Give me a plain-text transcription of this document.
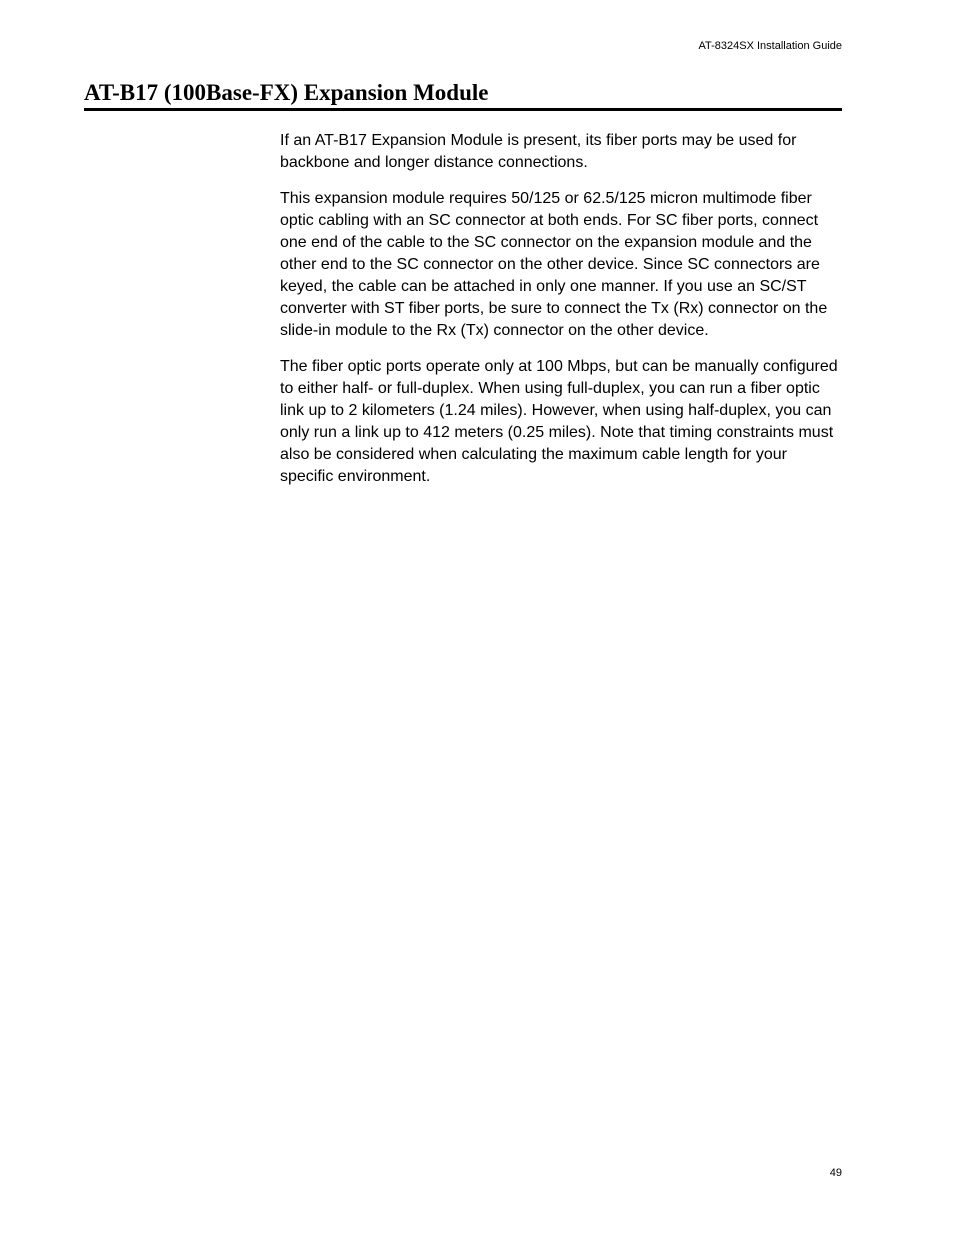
AT-8324SX Installation Guide
AT-B17 (100Base-FX) Expansion Module

If an AT-B17 Expansion Module is present, its fiber ports may be used for backbone and longer distance connections.

This expansion module requires 50/125 or 62.5/125 micron multimode fiber optic cabling with an SC connector at both ends. For SC fiber ports, connect one end of the cable to the SC connector on the expansion module and the other end to the SC connector on the other device. Since SC connectors are keyed, the cable can be attached in only one manner. If you use an SC/ST converter with ST fiber ports, be sure to connect the Tx (Rx) connector on the slide-in module to the Rx (Tx) connector on the other device.

The fiber optic ports operate only at 100 Mbps, but can be manually configured to either half- or full-duplex. When using full-duplex, you can run a fiber optic link up to 2 kilometers (1.24 miles). However, when using half-duplex, you can only run a link up to 412 meters (0.25 miles). Note that timing constraints must also be considered when calculating the maximum cable length for your specific environment.

49
